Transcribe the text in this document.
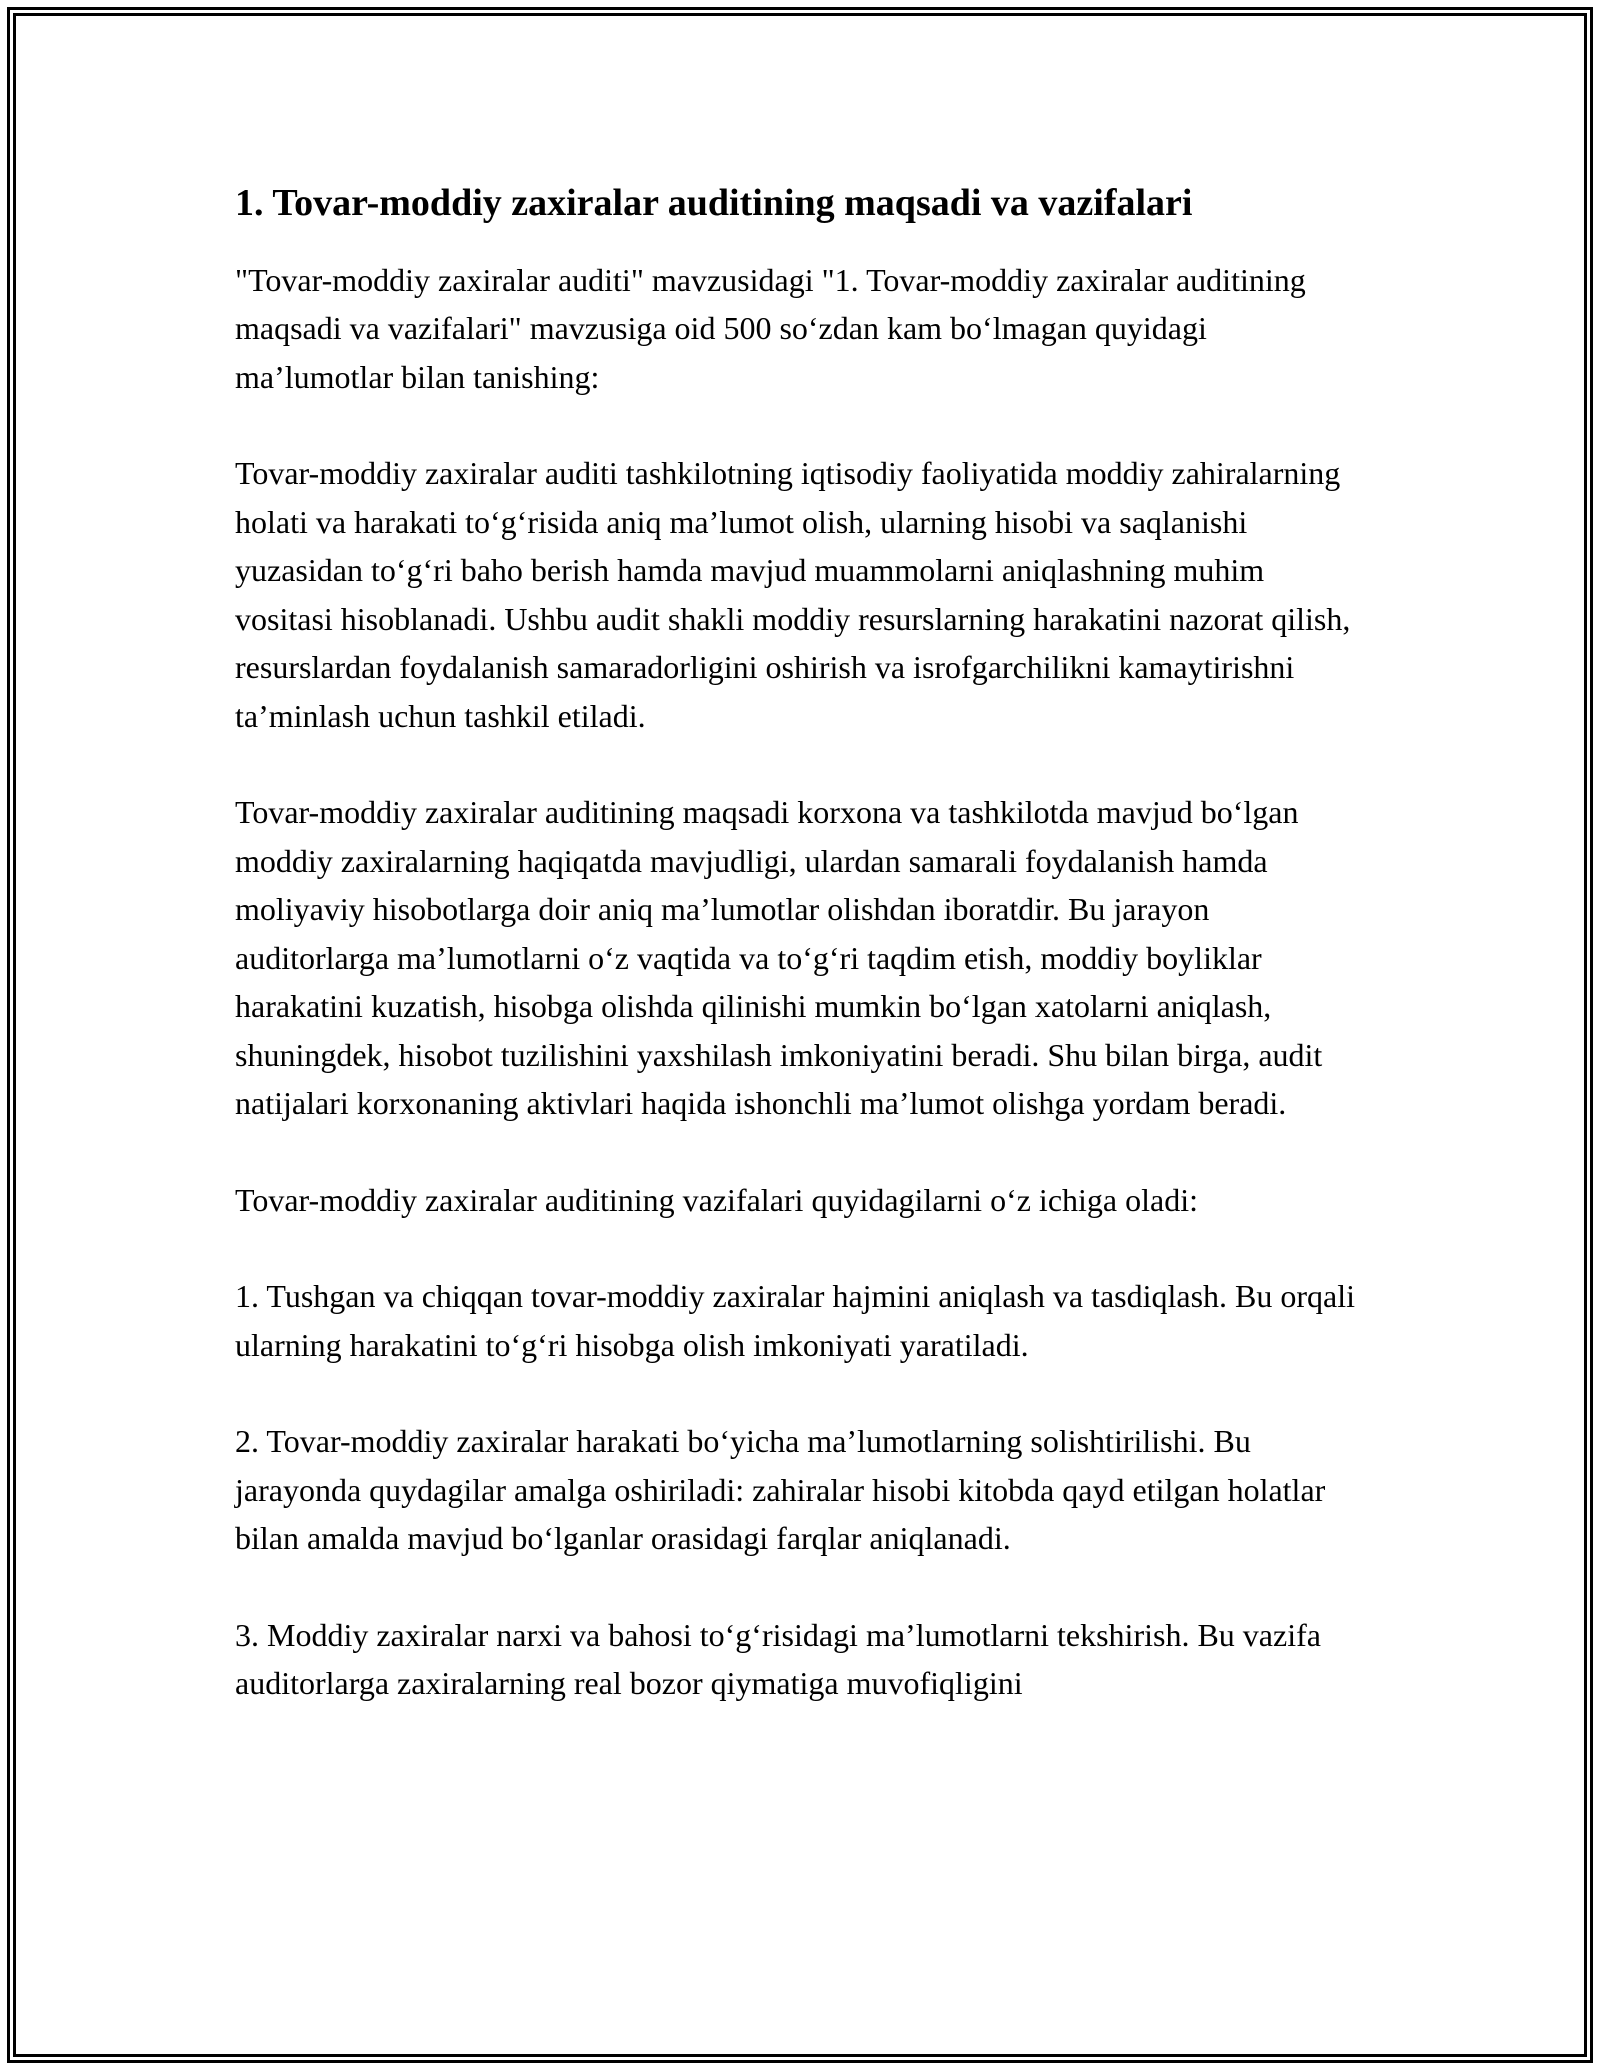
1. Tovar-moddiy zaxiralar auditining maqsadi va vazifalari

"Tovar-moddiy zaxiralar auditi" mavzusidagi "1. Tovar-moddiy zaxiralar auditining maqsadi va vazifalari" mavzusiga oid 500 so‘zdan kam bo‘lmagan quyidagi ma’lumotlar bilan tanishing:

Tovar-moddiy zaxiralar auditi tashkilotning iqtisodiy faoliyatida moddiy zahiralarning holati va harakati to‘g‘risida aniq ma’lumot olish, ularning hisobi va saqlanishi yuzasidan to‘g‘ri baho berish hamda mavjud muammolarni aniqlashning muhim vositasi hisoblanadi. Ushbu audit shakli moddiy resurslarning harakatini nazorat qilish, resurslardan foydalanish samaradorligini oshirish va isrofgarchilikni kamaytirishni ta’minlash uchun tashkil etiladi.

Tovar-moddiy zaxiralar auditining maqsadi korxona va tashkilotda mavjud bo‘lgan moddiy zaxiralarning haqiqatda mavjudligi, ulardan samarali foydalanish hamda moliyaviy hisobotlarga doir aniq ma’lumotlar olishdan iboratdir. Bu jarayon auditorlarga ma’lumotlarni o‘z vaqtida va to‘g‘ri taqdim etish, moddiy boyliklar harakatini kuzatish, hisobga olishda qilinishi mumkin bo‘lgan xatolarni aniqlash, shuningdek, hisobot tuzilishini yaxshilash imkoniyatini beradi. Shu bilan birga, audit natijalari korxonaning aktivlari haqida ishonchli ma’lumot olishga yordam beradi.

Tovar-moddiy zaxiralar auditining vazifalari quyidagilarni o‘z ichiga oladi:

1. Tushgan va chiqqan tovar-moddiy zaxiralar hajmini aniqlash va tasdiqlash. Bu orqali ularning harakatini to‘g‘ri hisobga olish imkoniyati yaratiladi.

2. Tovar-moddiy zaxiralar harakati bo‘yicha ma’lumotlarning solishtirilishi. Bu jarayonda quydagilar amalga oshiriladi: zahiralar hisobi kitobda qayd etilgan holatlar bilan amalda mavjud bo‘lganlar orasidagi farqlar aniqlanadi.

3. Moddiy zaxiralar narxi va bahosi to‘g‘risidagi ma’lumotlarni tekshirish. Bu vazifa auditorlarga zaxiralarning real bozor qiymatiga muvofiqligini
